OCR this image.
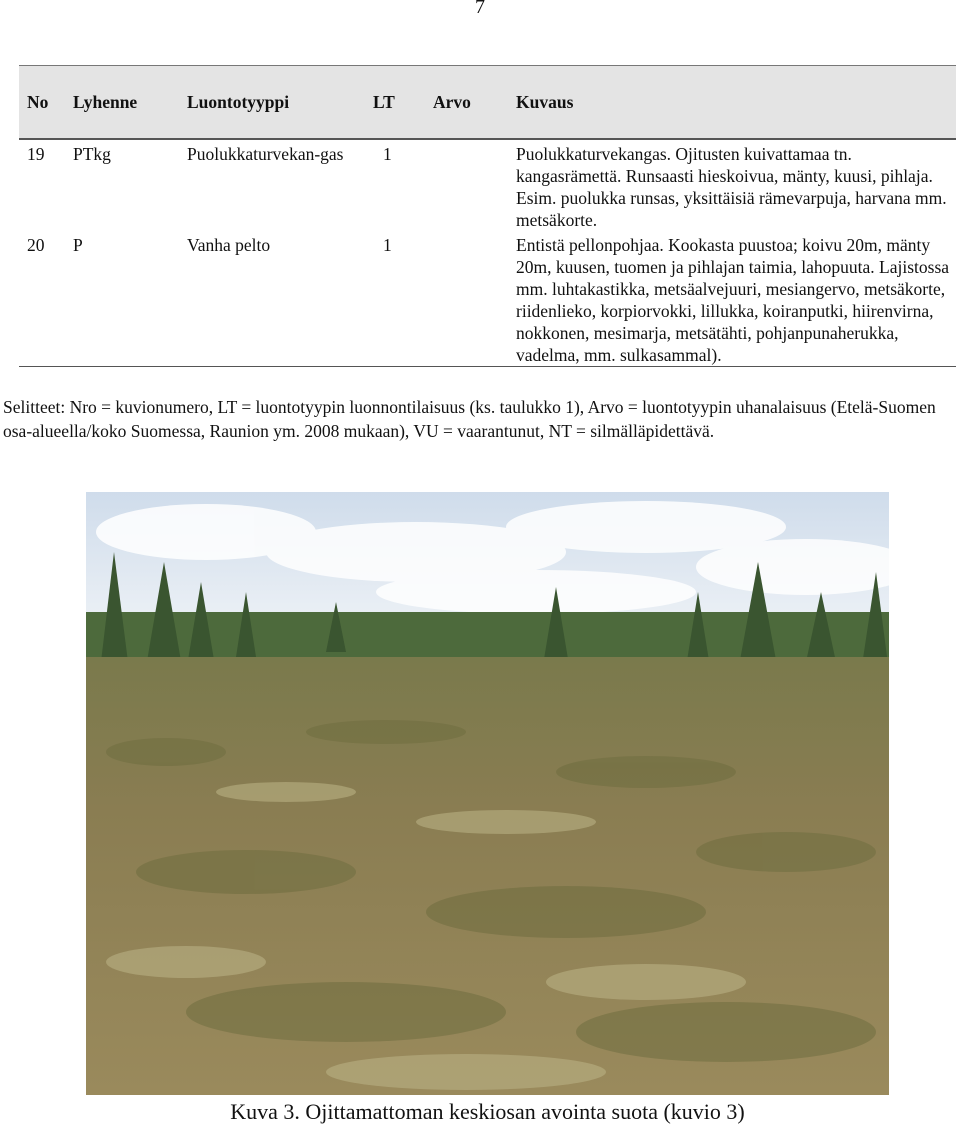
7
No	Lyhenne	Luontotyyppi	LT	Arvo	Kuvaus
19	PTkg	Puolukkaturvekan-gas	1		Puolukkaturvekangas. Ojitusten kuivattamaa tn. kangasrämettä. Runsaasti hieskoivua, mänty, kuusi, pihlaja. Esim. puolukka runsas, yksittäisiä rämevarpuja, harvana mm. metsäkorte.
20	P	Vanha pelto	1		Entistä pellonpohjaa. Kookasta puustoa; koivu 20m, mänty 20m, kuusen, tuomen ja pihlajan taimia, lahopuuta. Lajistossa mm. luhtakastikka, metsäalvejuuri, mesiangervo, metsäkorte, riidenlieko, korpiorvokki, lillukka, koiranputki, hiirenvirna, nokkonen, mesimarja, metsätähti, pohjanpunaherukka, vadelma, mm. sulkasammal).
Selitteet: Nro = kuvionumero, LT = luontotyypin luonnontilaisuus (ks. taulukko 1), Arvo = luontotyypin uhanalaisuus (Etelä-Suomen osa-alueella/koko Suomessa, Raunion ym. 2008 mukaan), VU = vaarantunut, NT = silmälläpidettävä.
Kuva 3. Ojittamattoman keskiosan avointa suota (kuvio 3)
